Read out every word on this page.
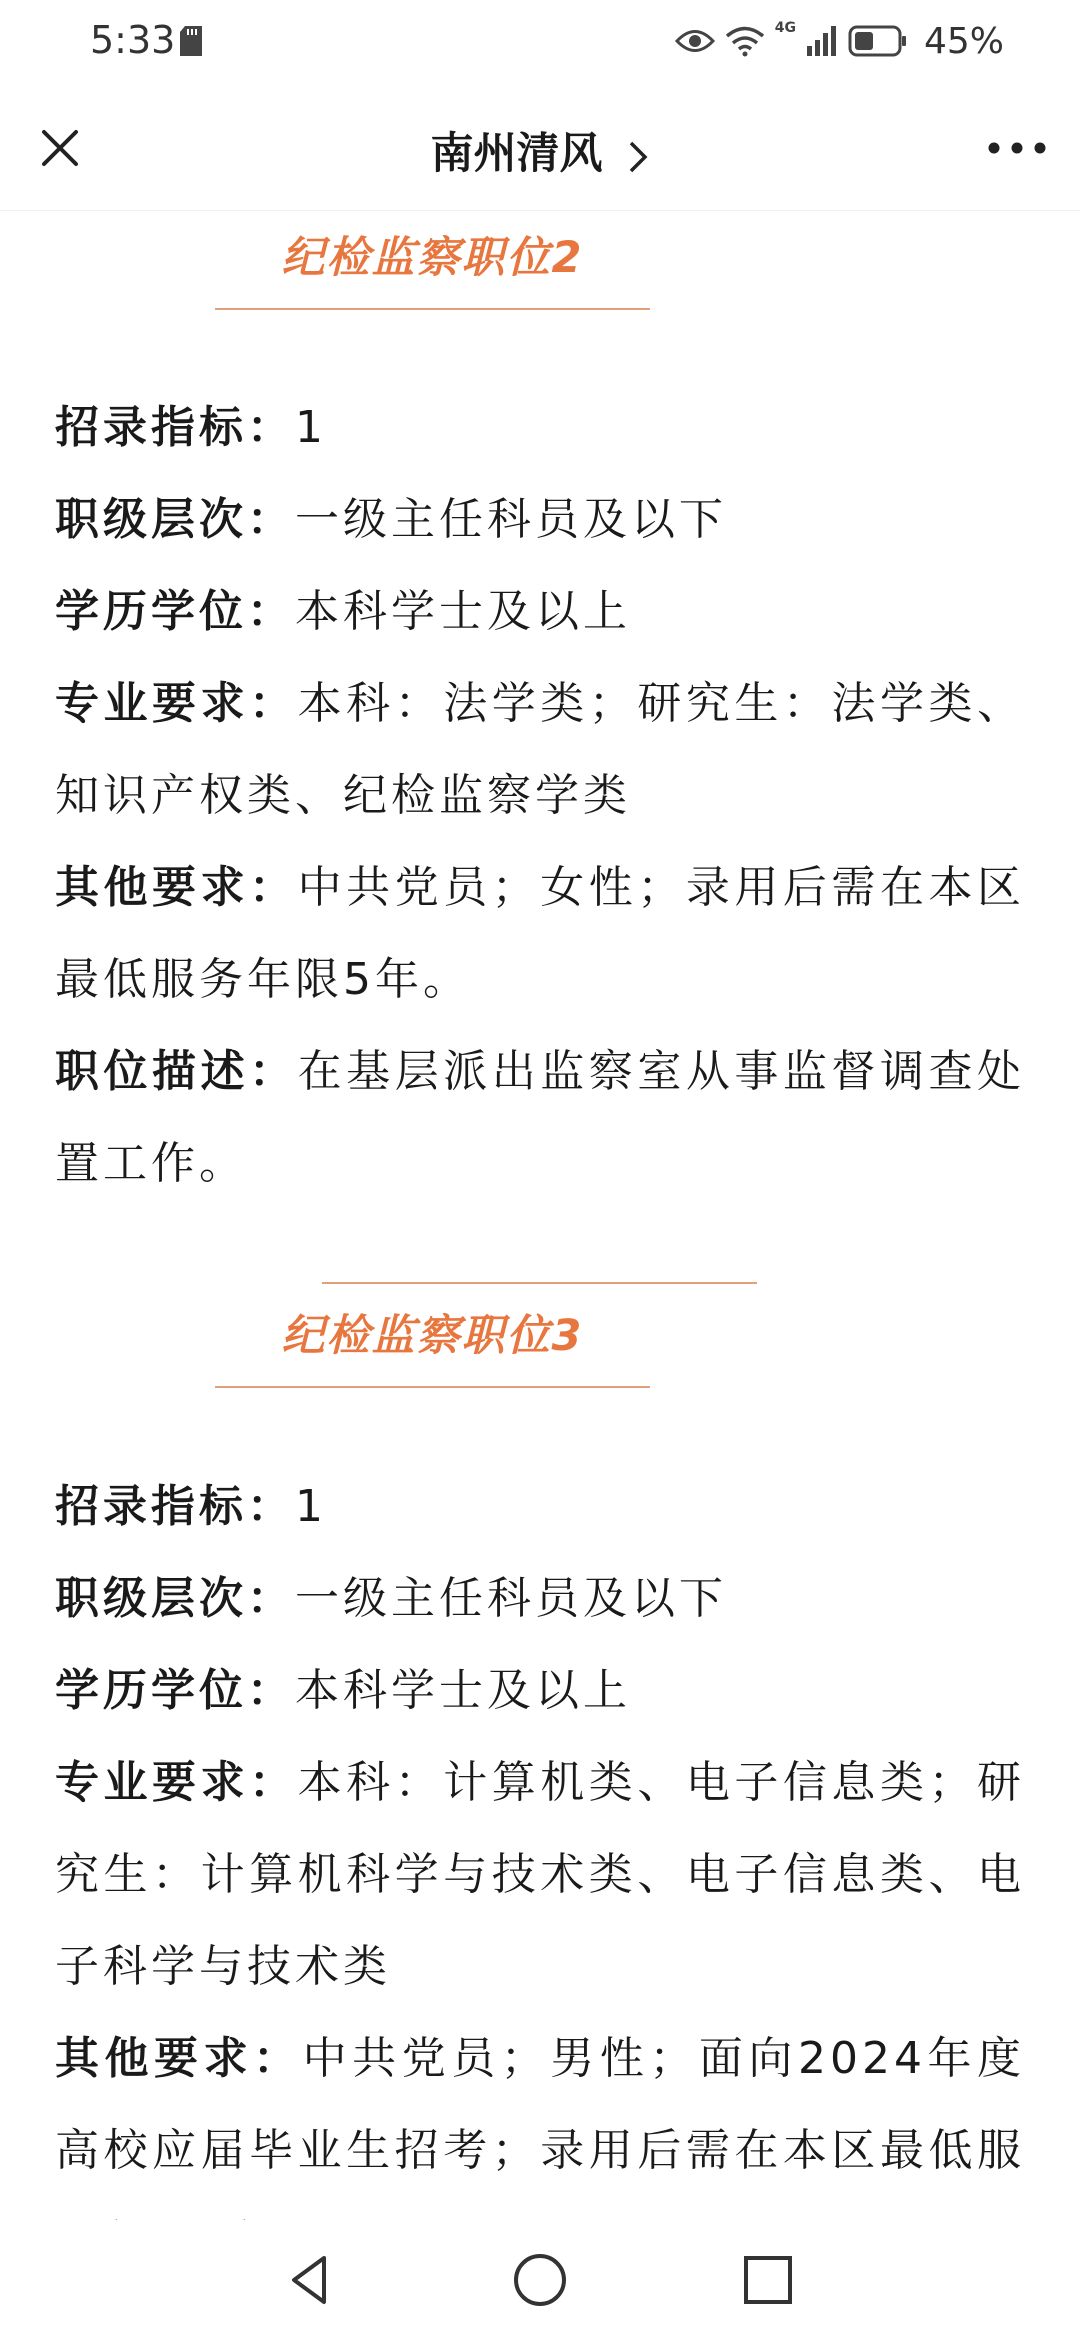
5:33	4G	45%
南州清风
纪检监察职位2
招录指标：1
职级层次：一级主任科员及以下
学历学位：本科学士及以上
专业要求：本科：法学类；研究生：法学类、知识产权类、纪检监察学类
其他要求：中共党员；女性；录用后需在本区最低服务年限5年。
职位描述：在基层派出监察室从事监督调查处置工作。
纪检监察职位3
招录指标：1
职级层次：一级主任科员及以下
学历学位：本科学士及以上
专业要求：本科：计算机类、电子信息类；研究生：计算机科学与技术类、电子信息类、电子科学与技术类
其他要求：中共党员；男性；面向2024年度高校应届毕业生招考；录用后需在本区最低服
